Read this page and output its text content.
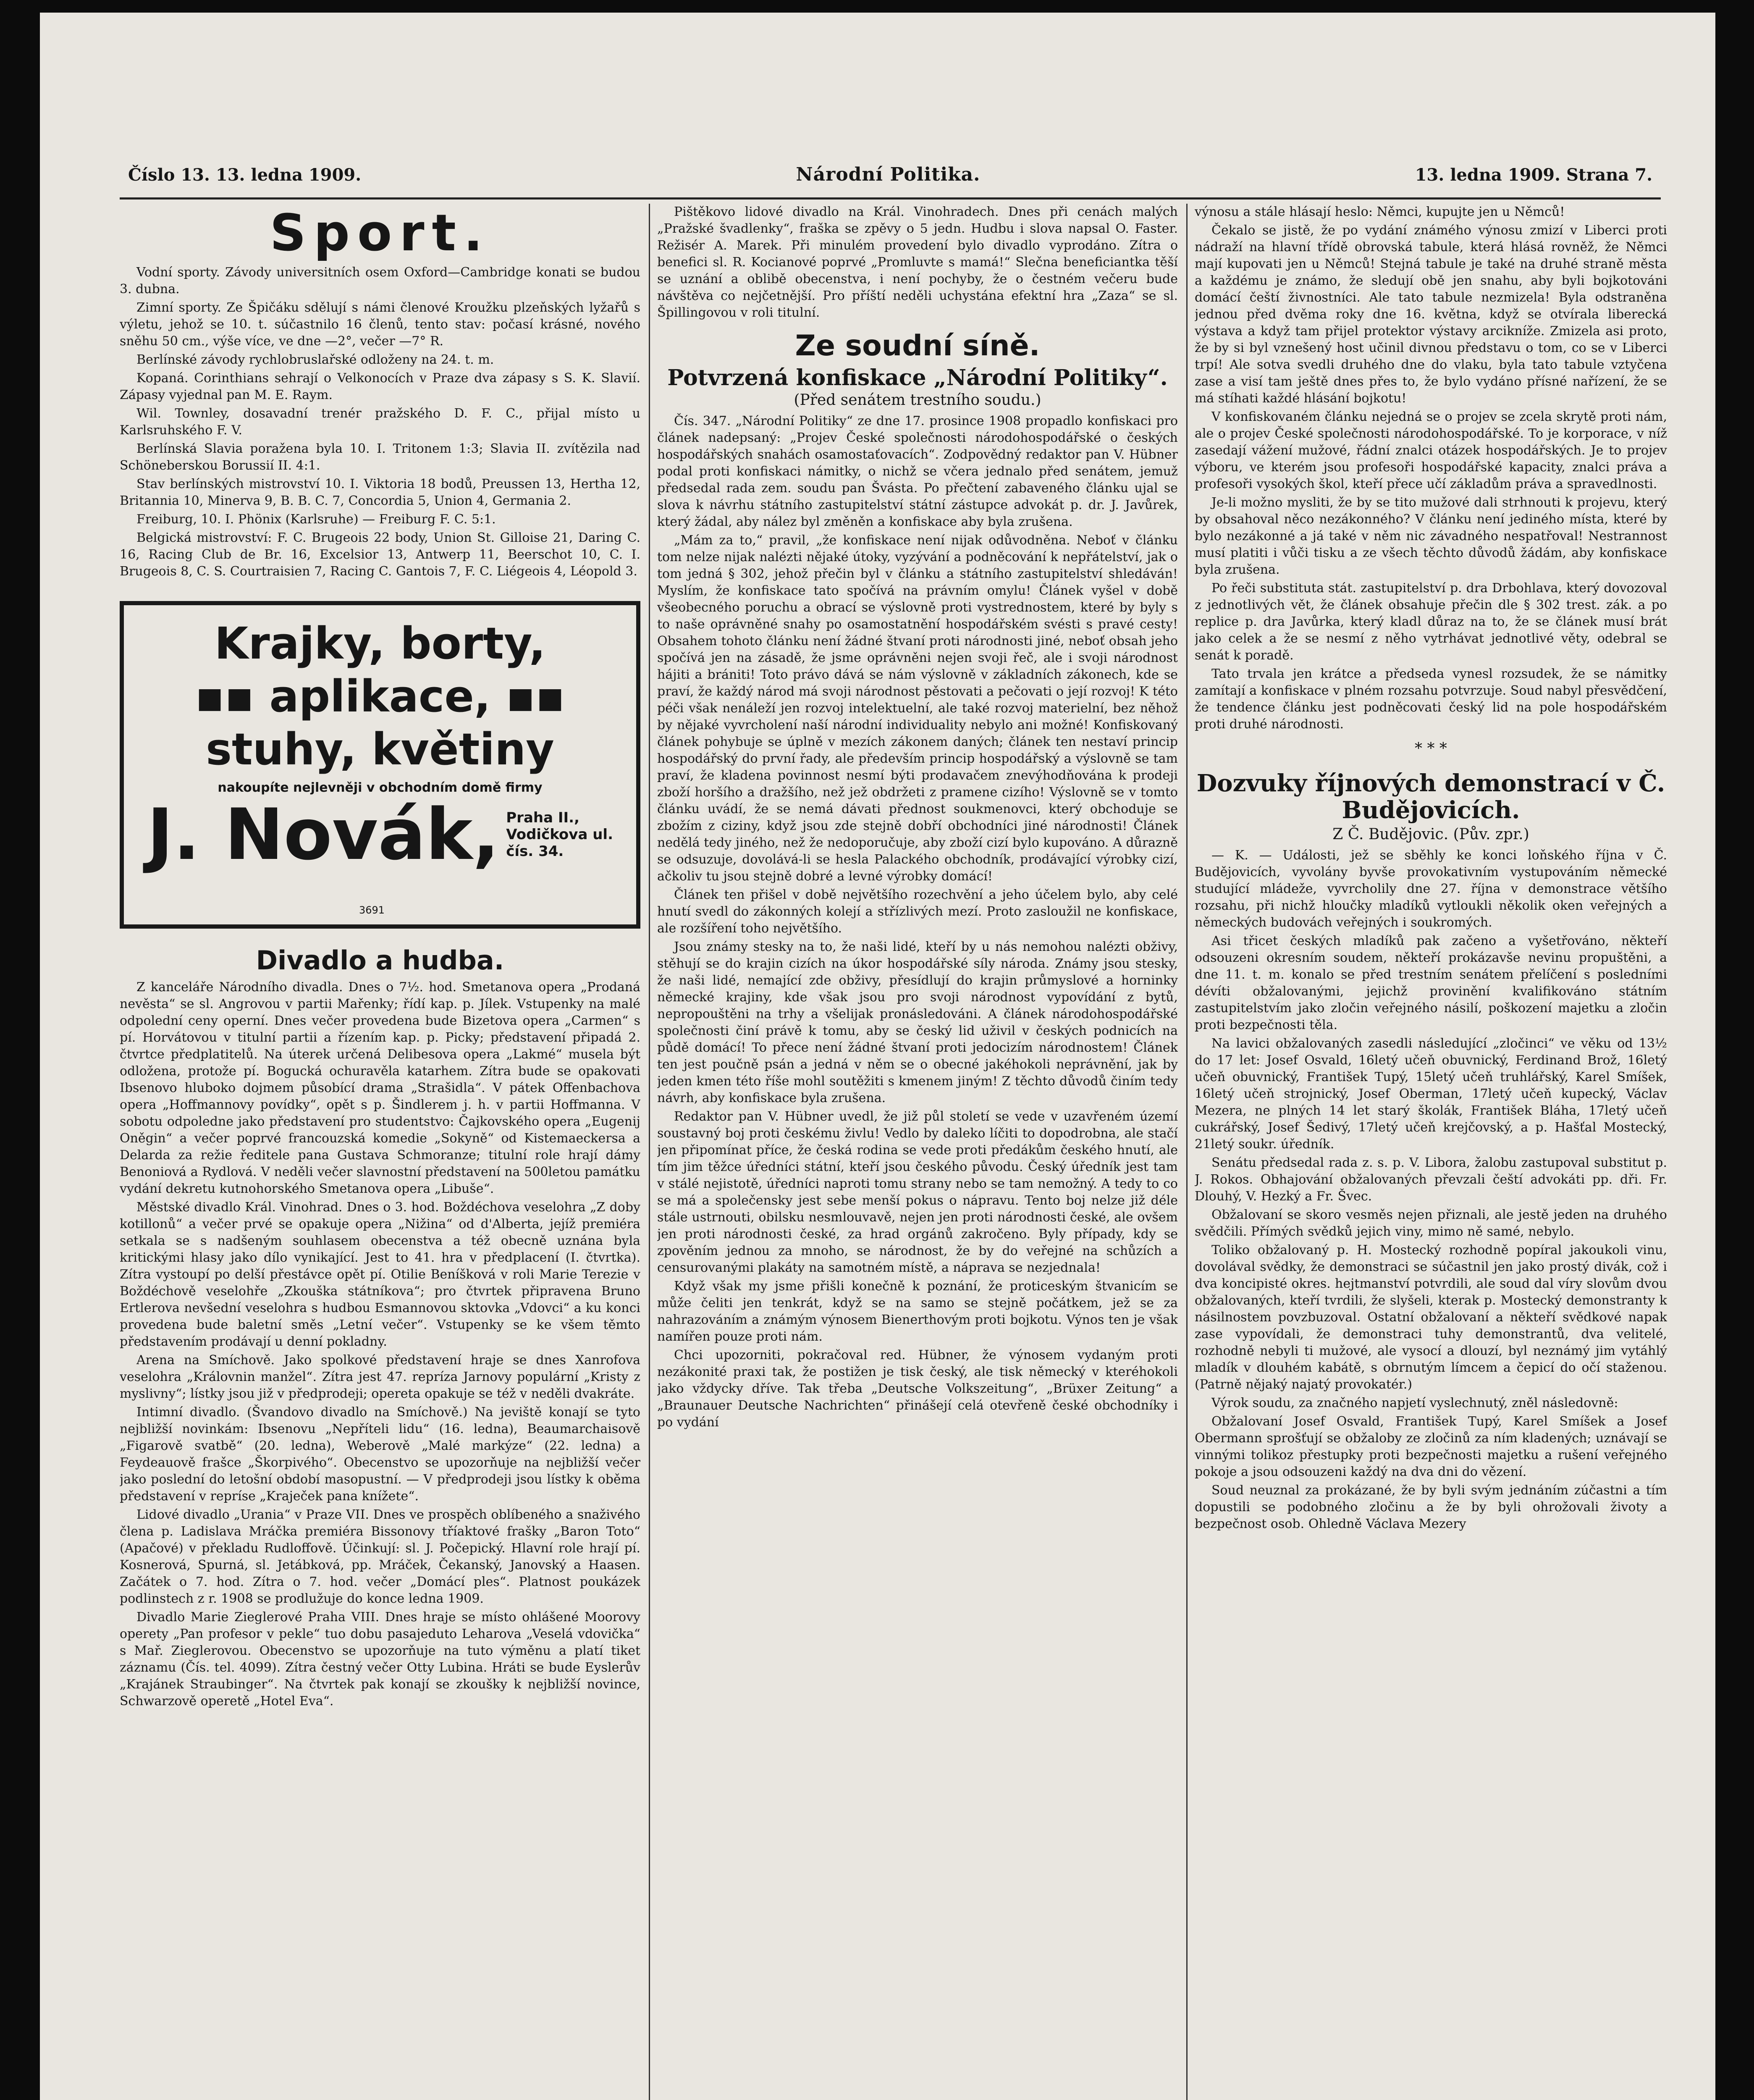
Číslo 13. 13. ledna 1909.	Národní Politika.	13. ledna 1909. Strana 7.
Sport.

Vodní sporty. Závody universitních osem Oxford—Cambridge konati se budou 3. dubna.

Zimní sporty. Ze Špičáku sdělují s námi členové Kroužku plzeňských lyžařů s výletu, jehož se 10. t. súčastnilo 16 členů, tento stav: počasí krásné, nového sněhu 50 cm., výše více, ve dne —2°, večer —7° R.

Berlínské závody rychlobruslařské odloženy na 24. t. m.

Kopaná. Corinthians sehrají o Velkonocích v Praze dva zápasy s S. K. Slavií. Zápasy vyjednal pan M. E. Raym.

Wil. Townley, dosavadní trenér pražského D. F. C., přijal místo u Karlsruhského F. V.

Berlínská Slavia poražena byla 10. I. Tritonem 1:3; Slavia II. zvítězila nad Schöneberskou Borussií II. 4:1.

Stav berlínských mistrovství 10. I. Viktoria 18 bodů, Preussen 13, Hertha 12, Britannia 10, Minerva 9, B. B. C. 7, Concordia 5, Union 4, Germania 2.

Freiburg, 10. I. Phönix (Karlsruhe) — Freiburg F. C. 5:1.

Belgická mistrovství: F. C. Brugeois 22 body, Union St. Gilloise 21, Daring C. 16, Racing Club de Br. 16, Excelsior 13, Antwerp 11, Beerschot 10, C. I. Brugeois 8, C. S. Courtraisien 7, Racing C. Gantois 7, F. C. Liégeois 4, Léopold 3.

Krajky, borty,
▪▪ aplikace, ▪▪
stuhy, květiny
nakoupíte nejlevněji v obchodním domě firmy
J. Novák, Praha II.,
Vodičkova ul.
čís. 34.
3691
Divadlo a hudba.

Z kanceláře Národního divadla. Dnes o 7½. hod. Smetanova opera „Prodaná nevěsta“ se sl. Angrovou v partii Mařenky; řídí kap. p. Jílek. Vstupenky na malé odpolední ceny operní. Dnes večer provedena bude Bizetova opera „Carmen“ s pí. Horvátovou v titulní partii a řízením kap. p. Picky; představení připadá 2. čtvrtce předplatitelů. Na úterek určená Delibesova opera „Lakmé“ musela být odložena, protože pí. Bogucká ochuravěla katarhem. Zítra bude se opakovati Ibsenovo hluboko dojmem působící drama „Strašidla“. V pátek Offenbachova opera „Hoffmannovy povídky“, opět s p. Šindlerem j. h. v partii Hoffmanna. V sobotu odpoledne jako představení pro studentstvo: Čajkovského opera „Eugenij Oněgin“ a večer poprvé francouzská komedie „Sokyně“ od Kistemaeckersa a Delarda za režie ředitele pana Gustava Schmoranze; titulní role hrají dámy Benoniová a Rydlová. V neděli večer slavnostní představení na 500letou památku vydání dekretu kutnohorského Smetanova opera „Libuše“.

Městské divadlo Král. Vinohrad. Dnes o 3. hod. Boždéchova veselohra „Z doby kotillonů“ a večer prvé se opakuje opera „Nižina“ od d'Alberta, jejíž premiéra setkala se s nadšeným souhlasem obecenstva a též obecně uznána byla kritickými hlasy jako dílo vynikající. Jest to 41. hra v předplacení (I. čtvrtka). Zítra vystoupí po delší přestávce opět pí. Otilie Beníšková v roli Marie Terezie v Boždéchově veselohře „Zkouška státníkova“; pro čtvrtek připravena Bruno Ertlerova nevšední veselohra s hudbou Esmannovou sktovka „Vdovci“ a ku konci provedena bude baletní směs „Letní večer“. Vstupenky se ke všem těmto představením prodávají u denní pokladny.

Arena na Smíchově. Jako spolkové představení hraje se dnes Xanrofova veselohra „Královnin manžel“. Zítra jest 47. repríza Jarnovy populární „Kristy z myslivny“; lístky jsou již v předprodeji; opereta opakuje se též v neděli dvakráte.

Intimní divadlo. (Švandovo divadlo na Smíchově.) Na jeviště konají se tyto nejbližší novinkám: Ibsenovu „Nepříteli lidu“ (16. ledna), Beaumarchaisově „Figarově svatbě“ (20. ledna), Weberově „Malé markýze“ (22. ledna) a Feydeauově frašce „Škorpivého“. Obecenstvo se upozorňuje na nejbližší večer jako poslední do letošní období masopustní. — V předprodeji jsou lístky k oběma představení v repríse „Kraječek pana knížete“.

Lidové divadlo „Urania“ v Praze VII. Dnes ve prospěch oblíbeného a snaživého člena p. Ladislava Mráčka premiéra Bissonovy tříaktové frašky „Baron Toto“ (Apačové) v překladu Rudloffově. Účinkují: sl. J. Počepický. Hlavní role hrají pí. Kosnerová, Spurná, sl. Jetábková, pp. Mráček, Čekanský, Janovský a Haasen. Začátek o 7. hod. Zítra o 7. hod. večer „Domácí ples“. Platnost poukázek podlinstech z r. 1908 se prodlužuje do konce ledna 1909.

Divadlo Marie Zieglerové Praha VIII. Dnes hraje se místo ohlášené Moorovy operety „Pan profesor v pekle“ tuo dobu pasajeduto Leharova „Veselá vdovička“ s Mař. Zieglerovou. Obecenstvo se upozorňuje na tuto výměnu a platí tiket záznamu (Čís. tel. 4099). Zítra čestný večer Otty Lubina. Hráti se bude Eyslerův „Krajánek Straubinger“. Na čtvrtek pak konají se zkoušky k nejbližší novince, Schwarzově operetě „Hotel Eva“.

Pištěkovo lidové divadlo na Král. Vinohradech. Dnes při cenách malých „Pražské švadlenky“, fraška se zpěvy o 5 jedn. Hudbu i slova napsal O. Faster. Režisér A. Marek. Při minulém provedení bylo divadlo vyprodáno. Zítra o benefici sl. R. Kocianové poprvé „Promluvte s mamá!“ Slečna beneficiantka těší se uznání a oblibě obecenstva, i není pochyby, že o čestném večeru bude návštěva co nejčetnější. Pro příští neděli uchystána efektní hra „Zaza“ se sl. Špillingovou v roli titulní.

Ze soudní síně.
Potvrzená konfiskace „Národní Politiky“.
(Před senátem trestního soudu.)

Čís. 347. „Národní Politiky“ ze dne 17. prosince 1908 propadlo konfiskaci pro článek nadepsaný: „Projev České společnosti národohospodářské o českých hospodářských snahách osamostaťovacích“. Zodpovědný redaktor pan V. Hübner podal proti konfiskaci námitky, o nichž se včera jednalo před senátem, jemuž předsedal rada zem. soudu pan Švásta. Po přečtení zabaveného článku ujal se slova k návrhu státního zastupitelství státní zástupce advokát p. dr. J. Javůrek, který žádal, aby nález byl změněn a konfiskace aby byla zrušena.

„Mám za to,“ pravil, „že konfiskace není nijak odůvodněna. Neboť v článku tom nelze nijak nalézti nějaké útoky, vyzývání a podněcování k nepřátelství, jak o tom jedná § 302, jehož přečin byl v článku a státního zastupitelství shledáván! Myslím, že konfiskace tato spočívá na právním omylu! Článek vyšel v době všeobecného poruchu a obrací se výslovně proti vystrednostem, které by byly s to naše oprávněné snahy po osamostatnění hospodářském svésti s pravé cesty! Obsahem tohoto článku není žádné štvaní proti národnosti jiné, neboť obsah jeho spočívá jen na zásadě, že jsme oprávněni nejen svoji řeč, ale i svoji národnost hájiti a brániti! Toto právo dává se nám výslovně v základních zákonech, kde se praví, že každý národ má svoji národnost pěstovati a pečovati o její rozvoj! K této péči však nenáleží jen rozvoj intelektuelní, ale také rozvoj materielní, bez něhož by nějaké vyvrcholení naší národní individuality nebylo ani možné! Konfiskovaný článek pohybuje se úplně v mezích zákonem daných; článek ten nestaví princip hospodářský do první řady, ale především princip hospodářský a výslovně se tam praví, že kladena povinnost nesmí býti prodavačem znevýhodňována k prodeji zboží horšího a dražšího, než jež obdržeti z pramene cizího! Výslovně se v tomto článku uvádí, že se nemá dávati přednost soukmenovci, který obchoduje se zbožím z ciziny, když jsou zde stejně dobří obchodníci jiné národnosti! Článek nedělá tedy jiného, než že nedoporučuje, aby zboží cizí bylo kupováno. A důrazně se odsuzuje, dovolává-li se hesla Palackého obchodník, prodávající výrobky cizí, ačkoliv tu jsou stejně dobré a levné výrobky domácí!

Článek ten přišel v době největšího rozechvění a jeho účelem bylo, aby celé hnutí svedl do zákonných kolejí a střízlivých mezí. Proto zasloužil ne konfiskace, ale rozšíření toho největšího.

Jsou známy stesky na to, že naši lidé, kteří by u nás nemohou nalézti obživy, stěhují se do krajin cizích na úkor hospodářské síly národa. Známy jsou stesky, že naši lidé, nemající zde obživy, přesídlují do krajin průmyslové a horninky německé krajiny, kde však jsou pro svoji národnost vypovídání z bytů, nepropouštěni na trhy a všelijak pronásledováni. A článek národohospodářské společnosti činí právě k tomu, aby se český lid uživil v českých podnicích na půdě domácí! To přece není žádné štvaní proti jedocizím národnostem! Článek ten jest poučně psán a jedná v něm se o obecné jakéhokoli neprávnění, jak by jeden kmen této říše mohl soutěžiti s kmenem jiným! Z těchto důvodů činím tedy návrh, aby konfiskace byla zrušena.

Redaktor pan V. Hübner uvedl, že již půl století se vede v uzavřeném území soustavný boj proti českému živlu! Vedlo by daleko líčiti to dopodrobna, ale stačí jen připomínat příce, že česká rodina se vede proti předákům českého hnutí, ale tím jim těžce úředníci státní, kteří jsou českého původu. Český úředník jest tam v stálé nejistotě, úředníci naproti tomu strany nebo se tam nemožný. A tedy to co se má a společensky jest sebe menší pokus o nápravu. Tento boj nelze již déle stále ustrnouti, obilsku nesmlouvavě, nejen jen proti národnosti české, ale ovšem jen proti národnosti české, za hrad orgánů zakročeno. Byly případy, kdy se zpověním jednou za mnoho, se národnost, že by do veřejné na schůzích a censurovanými plakáty na samotném místě, a náprava se nezjednala!

Když však my jsme přišli konečně k poznání, že proticeským štvanicím se může čeliti jen tenkrát, když se na samo se stejně počátkem, jež se za nahrazováním a známým výnosem Bienerthovým proti bojkotu. Výnos ten je však namířen pouze proti nám.

Chci upozorniti, pokračoval red. Hübner, že výnosem vydaným proti nezákonité praxi tak, že postižen je tisk český, ale tisk německý v kteréhokoli jako vždycky dříve. Tak třeba „Deutsche Volkszeitung“, „Brüxer Zeitung“ a „Braunauer Deutsche Nachrichten“ přinášejí celá otevřeně české obchodníky i po vydání

výnosu a stále hlásají heslo: Němci, kupujte jen u Němců!

Čekalo se jistě, že po vydání známého výnosu zmizí v Liberci proti nádraží na hlavní třídě obrovská tabule, která hlásá rovněž, že Němci mají kupovati jen u Němců! Stejná tabule je také na druhé straně města a každému je známo, že sledují obě jen snahu, aby byli bojkotováni domácí čeští živnostníci. Ale tato tabule nezmizela! Byla odstraněna jednou před dvěma roky dne 16. května, když se otvírala liberecká výstava a když tam přijel protektor výstavy arcikníže. Zmizela asi proto, že by si byl vznešený host učinil divnou představu o tom, co se v Liberci trpí! Ale sotva svedli druhého dne do vlaku, byla tato tabule vztyčena zase a visí tam ještě dnes přes to, že bylo vydáno přísné nařízení, že se má stíhati každé hlásání bojkotu!

V konfiskovaném článku nejedná se o projev se zcela skrytě proti nám, ale o projev České společnosti národohospodářské. To je korporace, v níž zasedají vážení mužové, řádní znalci otázek hospodářských. Je to projev výboru, ve kterém jsou profesoři hospodářské kapacity, znalci práva a profesoři vysokých škol, kteří přece učí základům práva a spravedlnosti.

Je-li možno mysliti, že by se tito mužové dali strhnouti k projevu, který by obsahoval něco nezákonného? V článku není jediného místa, které by bylo nezákonné a já také v něm nic závadného nespatřoval! Nestrannost musí platiti i vůči tisku a ze všech těchto důvodů žádám, aby konfiskace byla zrušena.

Po řeči substituta stát. zastupitelství p. dra Drbohlava, který dovozoval z jednotlivých vět, že článek obsahuje přečin dle § 302 trest. zák. a po replice p. dra Javůrka, který kladl důraz na to, že se článek musí brát jako celek a že se nesmí z něho vytrhávat jednotlivé věty, odebral se senát k poradě.

Tato trvala jen krátce a předseda vynesl rozsudek, že se námitky zamítají a konfiskace v plném rozsahu potvrzuje. Soud nabyl přesvědčení, že tendence článku jest podněcovati český lid na pole hospodářském proti druhé národnosti.

* * *
Dozvuky říjnových demonstrací v Č. Budějovicích.
Z Č. Budějovic. (Pův. zpr.)

— K. — Události, jež se sběhly ke konci loňského října v Č. Budějovicích, vyvolány byvše provokativním vystupováním německé studující mládeže, vyvrcholily dne 27. října v demonstrace většího rozsahu, při nichž hloučky mladíků vytloukli několik oken veřejných a německých budovách veřejných i soukromých.

Asi třicet českých mladíků pak začeno a vyšetřováno, někteří odsouzeni okresním soudem, někteří prokázavše nevinu propuštěni, a dne 11. t. m. konalo se před trestním senátem přelíčení s posledními dévíti obžalovanými, jejichž provinění kvalifikováno státním zastupitelstvím jako zločin veřejného násilí, poškození majetku a zločin proti bezpečnosti těla.

Na lavici obžalovaných zasedli následující „zločinci“ ve věku od 13½ do 17 let: Josef Osvald, 16letý učeň obuvnický, Ferdinand Brož, 16letý učeň obuvnický, František Tupý, 15letý učeň truhlářský, Karel Smíšek, 16letý učeň strojnický, Josef Oberman, 17letý učeň kupecký, Václav Mezera, ne plných 14 let starý školák, František Bláha, 17letý učeň cukrářský, Josef Šedivý, 17letý učeň krejčovský, a p. Hašťal Mostecký, 21letý soukr. úředník.

Senátu předsedal rada z. s. p. V. Libora, žalobu zastupoval substitut p. J. Rokos. Obhajování obžalovaných převzali čeští advokáti pp. dři. Fr. Dlouhý, V. Hezký a Fr. Švec.

Obžalovaní se skoro vesměs nejen přiznali, ale jestě jeden na druhého svědčili. Přímých svědků jejich viny, mimo ně samé, nebylo.

Toliko obžalovaný p. H. Mostecký rozhodně popíral jakoukoli vinu, dovolával svědky, že demonstraci se súčastnil jen jako prostý divák, což i dva koncipisté okres. hejtmanství potvrdili, ale soud dal víry slovům dvou obžalovaných, kteří tvrdili, že slyšeli, kterak p. Mostecký demonstranty k násilnostem povzbuzoval. Ostatní obžalovaní a někteří svědkové napak zase vypovídali, že demonstraci tuhy demonstrantů, dva velitelé, rozhodně nebyli ti mužové, ale vysocí a dlouzí, byl neznámý jim vytáhlý mladík v dlouhém kabátě, s obrnutým límcem a čepicí do očí staženou. (Patrně nějaký najatý provokatér.)

Výrok soudu, za značného napjetí vyslechnutý, zněl následovně:

Obžalovaní Josef Osvald, František Tupý, Karel Smíšek a Josef Obermann sprošťují se obžaloby ze zločinů za ním kladených; uznávají se vinnými tolikoz přestupky proti bezpečnosti majetku a rušení veřejného pokoje a jsou odsouzeni každý na dva dni do vězení.

Soud neuznal za prokázané, že by byli svým jednáním zúčastni a tím dopustili se podobného zločinu a že by byli ohrožovali životy a bezpečnost osob. Ohledně Václava Mezery
